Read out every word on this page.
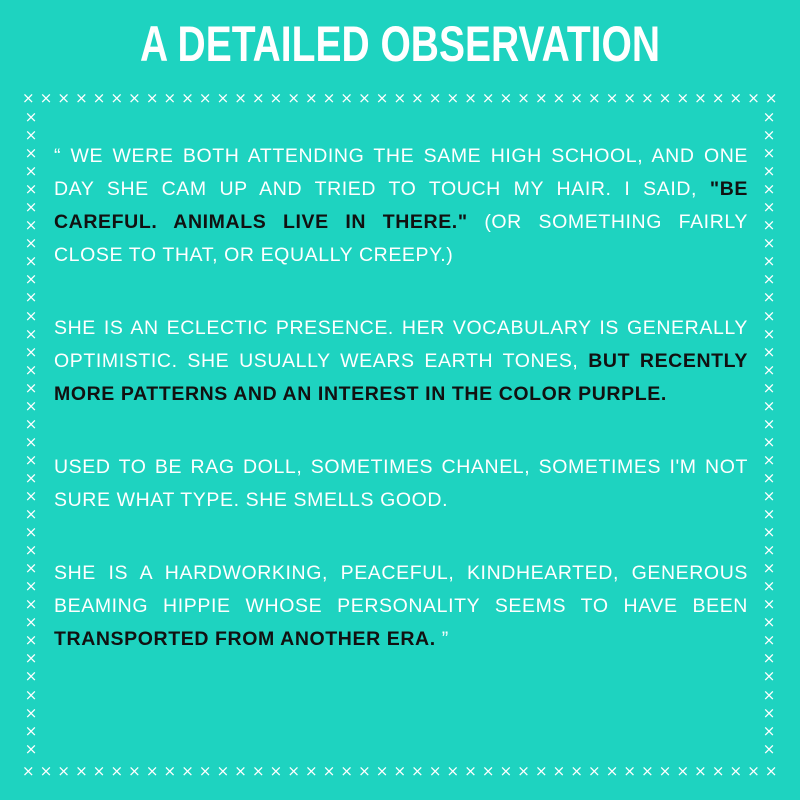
A DETAILED OBSERVATION
× × × × × × × × × × × × × × × × × × × × × × × × × × × × × × × × × × × × × × × × × × ×
× × × × × × × × × × × × × × × × × × × × × × × × × × × × × × × × × × × × × × × × × × ×
×
×
×
×
×
×
×
×
×
×
×
×
×
×
×
×
×
×
×
×
×
×
×
×
×
×
×
×
×
×
×
×
×
×
×
×
×
×
×
×
×
×
×
×
×
×
×
×
×
×
×
×
×
×
×
×
×
×
×
×
×
×
×
×
×
×
×
×
×
×
×
×

“ WE WERE BOTH ATTENDING THE SAME HIGH SCHOOL, AND ONE DAY SHE CAM UP AND TRIED TO TOUCH MY HAIR. I SAID, "BE CAREFUL. ANIMALS LIVE IN THERE." (OR SOMETHING FAIRLY CLOSE TO THAT, OR EQUALLY CREEPY.)

SHE IS AN ECLECTIC PRESENCE. HER VOCABULARY IS GENERALLY OPTIMISTIC. SHE USUALLY WEARS EARTH TONES, BUT RECENTLY MORE PATTERNS AND AN INTEREST IN THE COLOR PURPLE.

USED TO BE RAG DOLL, SOMETIMES CHANEL, SOMETIMES I'M NOT SURE WHAT TYPE. SHE SMELLS GOOD.

SHE IS A HARDWORKING, PEACEFUL, KINDHEARTED, GENEROUS BEAMING HIPPIE WHOSE PERSONALITY SEEMS TO HAVE BEEN TRANSPORTED FROM ANOTHER ERA. ”
